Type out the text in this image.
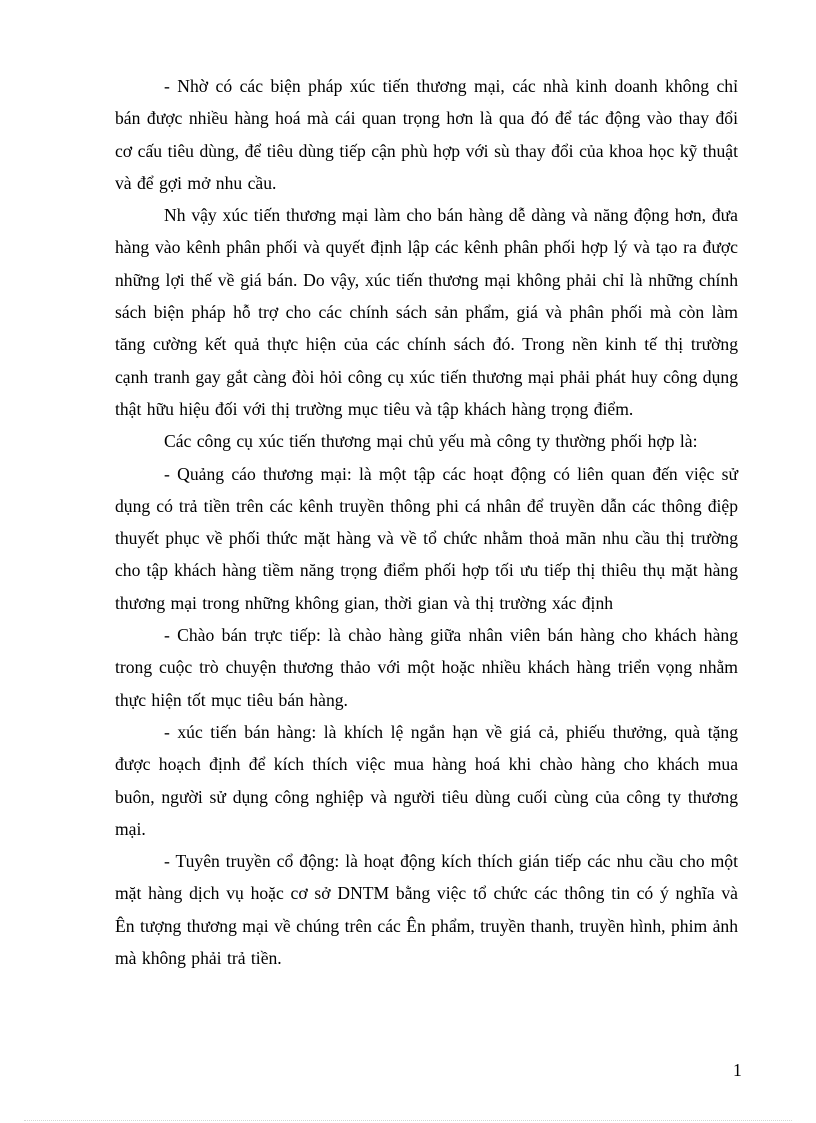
- Nhờ có các biện pháp xúc tiến thương mại, các nhà kinh doanh không chỉ bán được nhiều hàng hoá mà cái quan trọng hơn là qua đó để tác động vào thay đổi cơ cấu tiêu dùng, để tiêu dùng tiếp cận phù hợp với sù thay đổi của khoa học kỹ thuật và để gợi mở nhu cầu.

Nh vậy xúc tiến thương mại làm cho bán hàng dễ dàng và năng động hơn, đưa hàng vào kênh phân phối và quyết định lập các kênh phân phối hợp lý và tạo ra được những lợi thế về giá bán. Do vậy, xúc tiến thương mại không phải chỉ là những chính sách biện pháp hỗ trợ cho các chính sách sản phẩm, giá và phân phối mà còn làm tăng cường kết quả thực hiện của các chính sách đó. Trong nền kinh tế thị trường cạnh tranh gay gắt càng đòi hỏi công cụ xúc tiến thương mại phải phát huy công dụng thật hữu hiệu đối với thị trường mục tiêu và tập khách hàng trọng điểm.

Các công cụ xúc tiến thương mại chủ yếu mà công ty thường phối hợp là:

- Quảng cáo thương mại: là một tập các hoạt động có liên quan đến việc sử dụng có trả tiền trên các kênh truyền thông phi cá nhân để truyền dẫn các thông điệp thuyết phục về phối thức mặt hàng và về tổ chức nhằm thoả mãn nhu cầu thị trường cho tập khách hàng tiềm năng trọng điểm phối hợp tối ưu tiếp thị thiêu thụ mặt hàng thương mại trong những không gian, thời gian và thị trường xác định

- Chào bán trực tiếp: là chào hàng giữa nhân viên bán hàng cho khách hàng trong cuộc trò chuyện thương thảo với một hoặc nhiều khách hàng triển vọng nhằm thực hiện tốt mục tiêu bán hàng.

- xúc tiến bán hàng: là khích lệ ngắn hạn về giá cả, phiếu thưởng, quà tặng được hoạch định để kích thích việc mua hàng hoá khi chào hàng cho khách mua buôn, người sử dụng công nghiệp và người tiêu dùng cuối cùng của công ty thương mại.

- Tuyên truyền cổ động: là hoạt động kích thích gián tiếp các nhu cầu cho một mặt hàng dịch vụ hoặc cơ sở DNTM bằng việc tổ chức các thông tin có ý nghĩa và Ên tượng thương mại về chúng trên các Ên phẩm, truyền thanh, truyền hình, phim ảnh mà không phải trả tiền.

1
